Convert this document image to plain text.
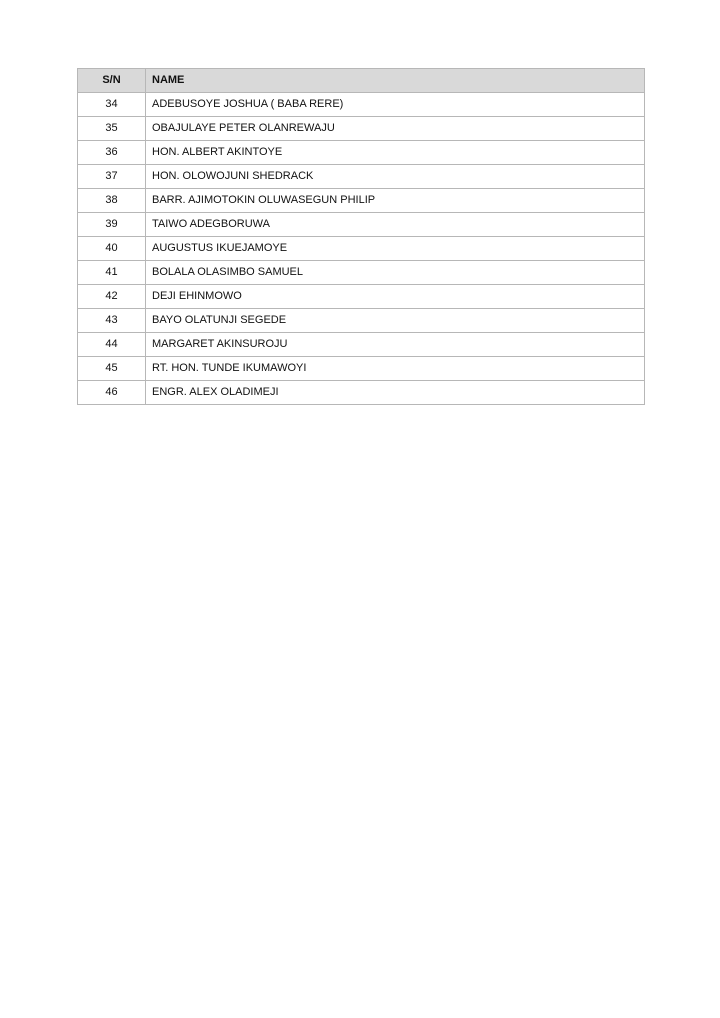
S/N	NAME
34	ADEBUSOYE JOSHUA ( BABA RERE)
35	OBAJULAYE PETER OLANREWAJU
36	HON. ALBERT AKINTOYE
37	HON. OLOWOJUNI SHEDRACK
38	BARR. AJIMOTOKIN OLUWASEGUN PHILIP
39	TAIWO ADEGBORUWA
40	AUGUSTUS IKUEJAMOYE
41	BOLALA OLASIMBO SAMUEL
42	DEJI EHINMOWO
43	BAYO OLATUNJI SEGEDE
44	MARGARET AKINSUROJU
45	RT. HON. TUNDE IKUMAWOYI
46	ENGR. ALEX OLADIMEJI
